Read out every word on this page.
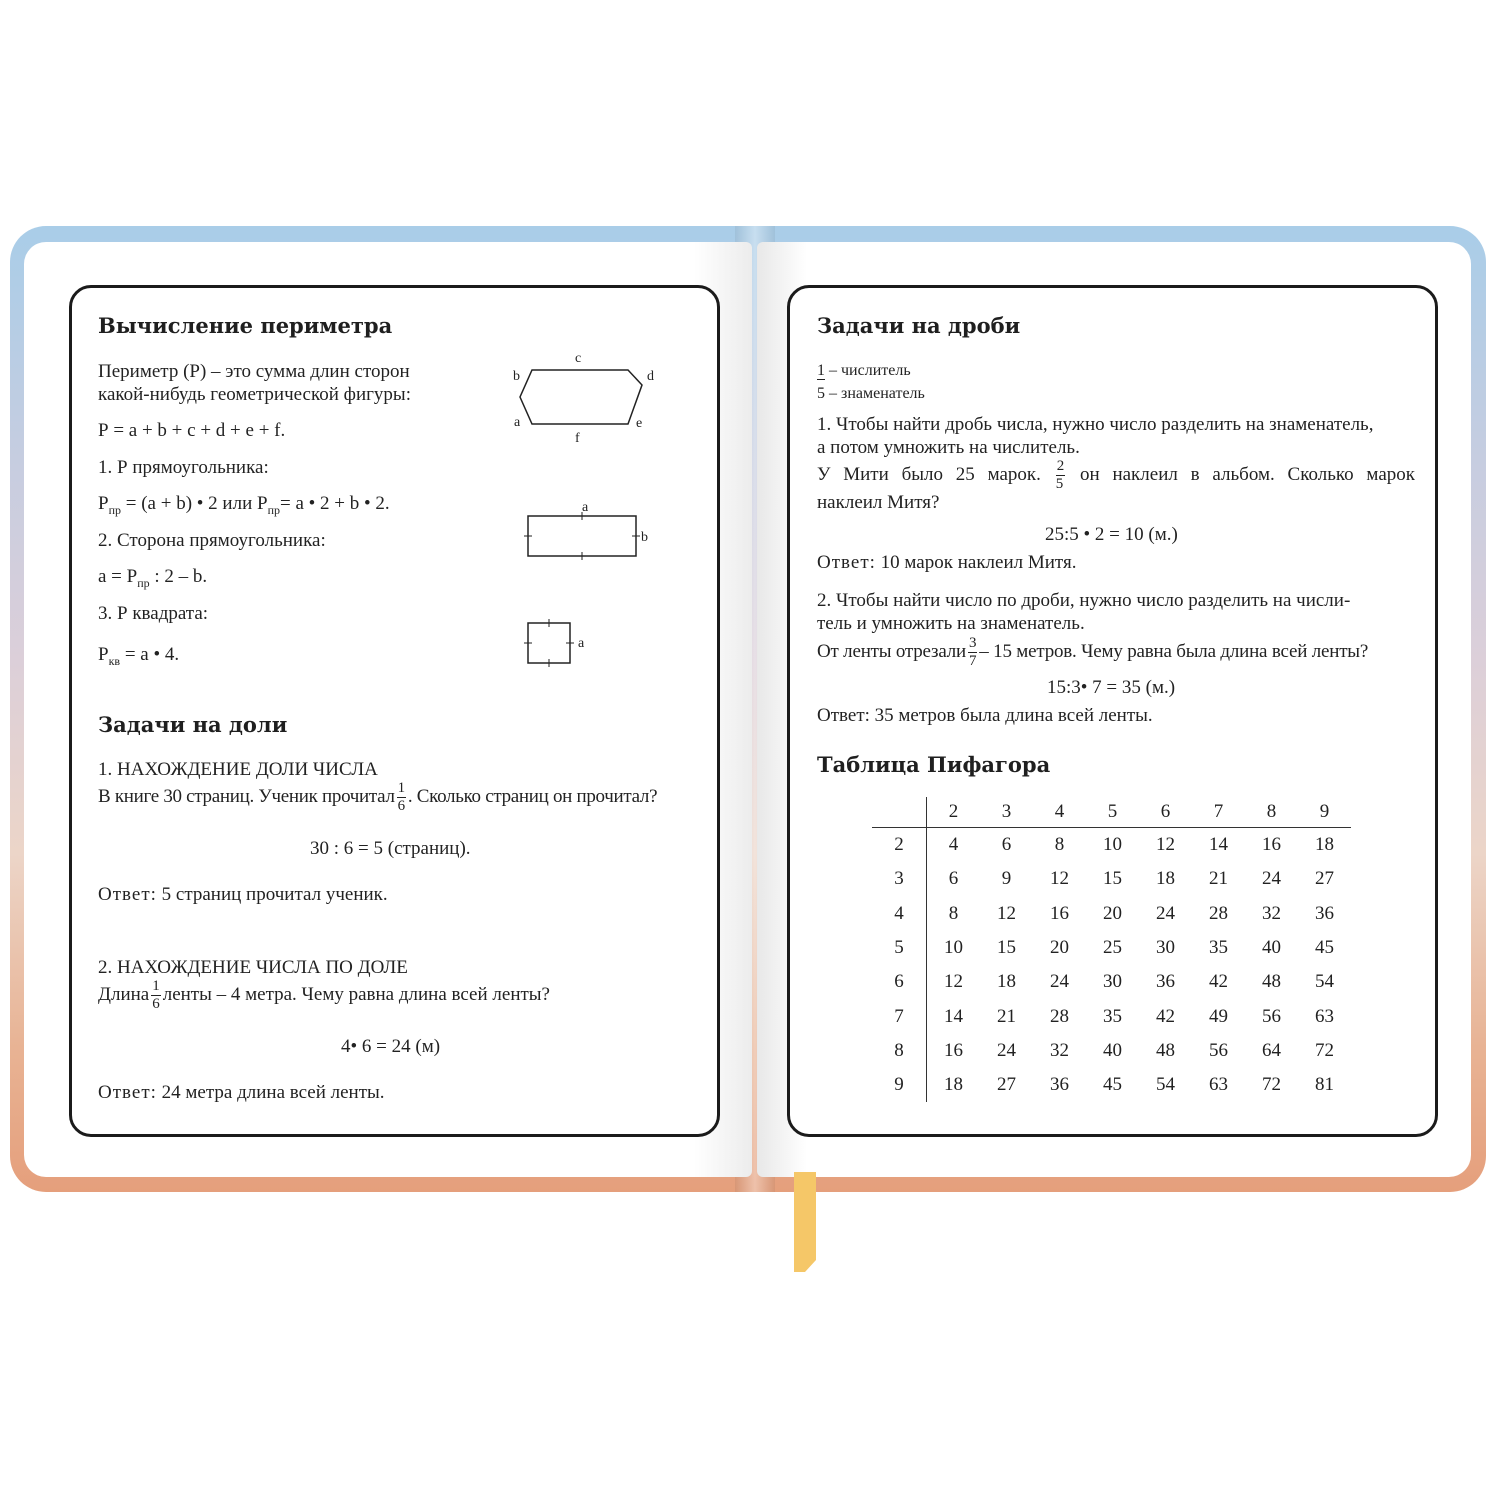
Вычисление периметра
Периметр (Р) – это сумма длин сторон
какой-нибудь геометрической фигуры:
Р = a + b + c + d + e + f.
1. Р прямоугольника:
$Р_{пр} = (a + b)$ • 2 или $Р_{пр}= a$ • 2 + b • 2.
2. Сторона прямоугольника:
$a = Р_{пр}$ : 2 – b.
3. Р квадрата:
$Р_{кв} = a$ • 4.
a
b
c
d
e
f
a
b
a
Задачи на доли
1. НАХОЖДЕНИЕ ДОЛИ ЧИСЛА
В книге 30 страниц. Ученик прочитал $\frac{1}{6}$ . Сколько страниц он прочитал?
30 : 6 = 5 (страниц).
Ответ: 5 страниц прочитал ученик.
2. НАХОЖДЕНИЕ ЧИСЛА ПО ДОЛЕ
Длина $\frac{1}{6}$ ленты – 4 метра. Чему равна длина всей ленты?
4• 6 = 24 (м)
Ответ: 24 метра длина всей ленты.
Задачи на дроби
1 – числитель
5 – знаменатель
1. Чтобы найти дробь числа, нужно число разделить на знаменатель,
а потом умножить на числитель.
У Мити было 25 марок. $\frac{2}{5}$ он наклеил в альбом. Сколько марок
наклеил Митя?
25:5 • 2 = 10 (м.)
Ответ: 10 марок наклеил Митя.
2. Чтобы найти число по дроби, нужно число разделить на числи-
тель и умножить на знаменатель.
От ленты отрезали $\frac{3}{7} - 15$ метров. Чему равна была длина всей ленты?
15:3• 7 = 35 (м.)
Ответ: 35 метров была длина всей ленты.
Таблица Пифагора
	2	3	4	5	6	7	8	9
2	4	6	8	10	12	14	16	18
3	6	9	12	15	18	21	24	27
4	8	12	16	20	24	28	32	36
5	10	15	20	25	30	35	40	45
6	12	18	24	30	36	42	48	54
7	14	21	28	35	42	49	56	63
8	16	24	32	40	48	56	64	72
9	18	27	36	45	54	63	72	81
